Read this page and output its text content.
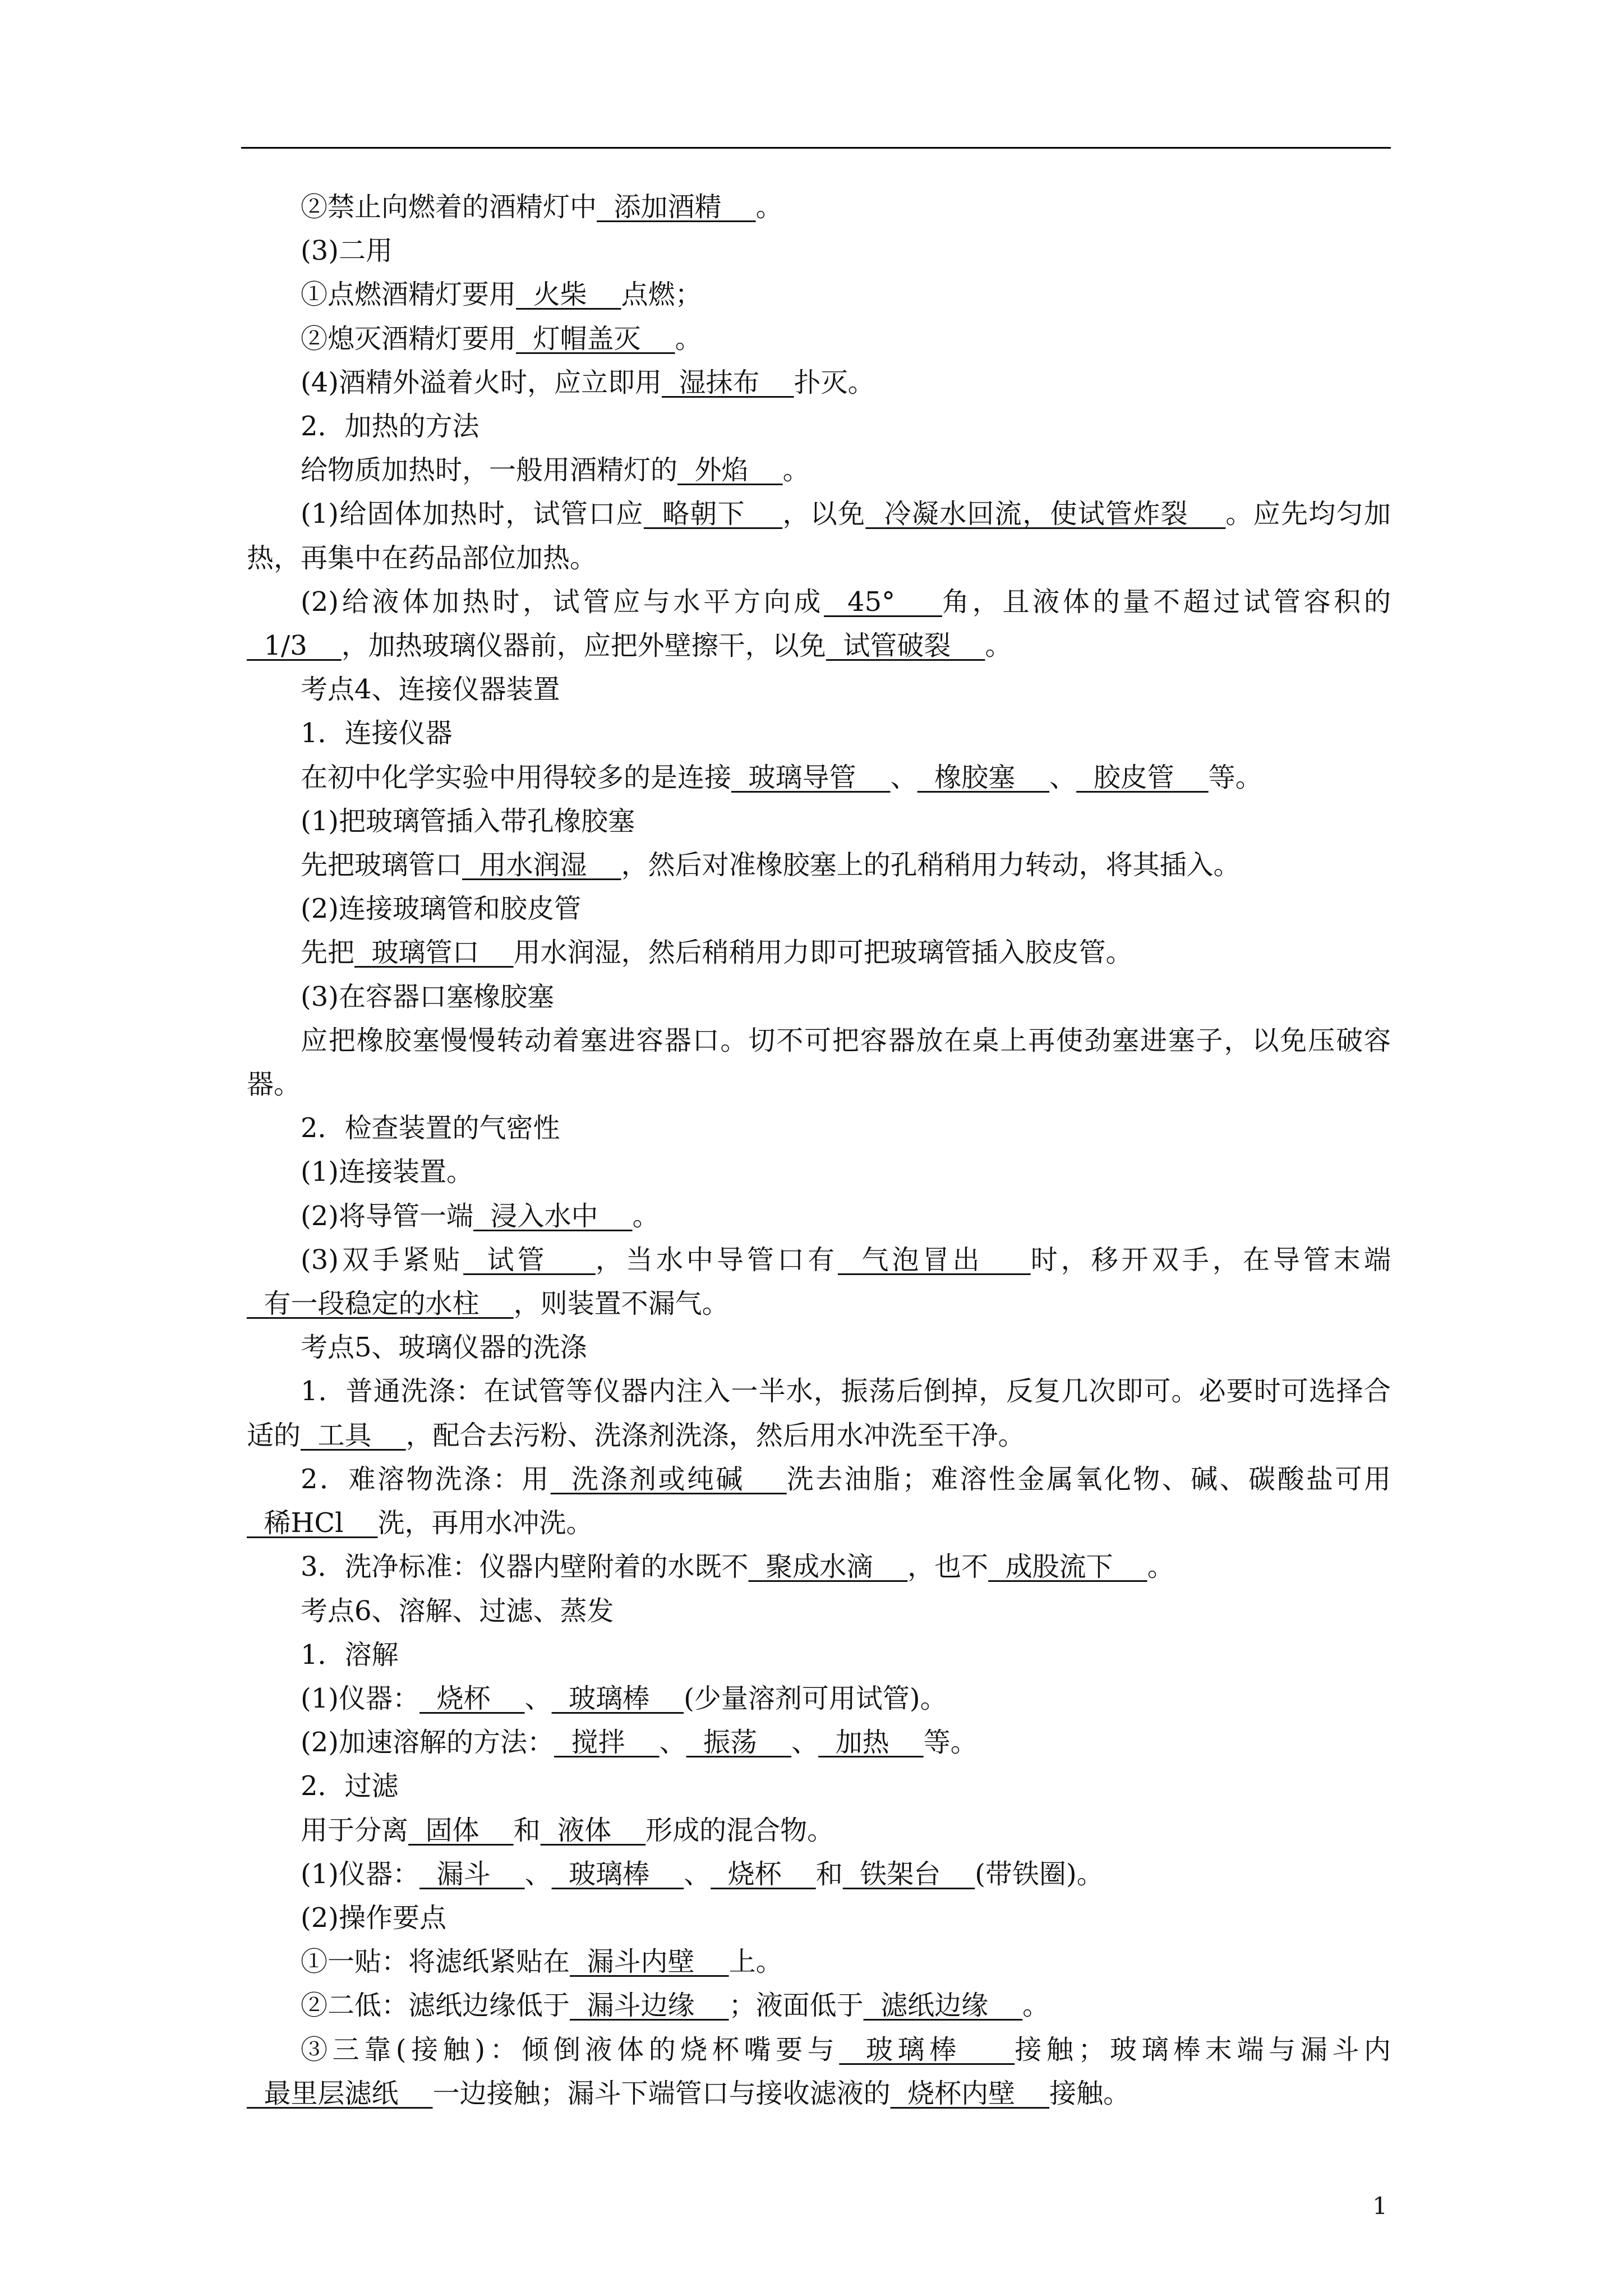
②禁止向燃着的酒精灯中  添加酒精    。

(3)二用

①点燃酒精灯要用  火柴    点燃；

②熄灭酒精灯要用  灯帽盖灭    。

(4)酒精外溢着火时，应立即用  湿抹布    扑灭。

2．加热的方法

给物质加热时，一般用酒精灯的  外焰    。

(1)给固体加热时，试管口应  略朝下    ，以免  冷凝水回流，使试管炸裂    。应先均匀加热，再集中在药品部位加热。

(2)给液体加热时，试管应与水平方向成  45°    角，且液体的量不超过试管容积的  1/3    ，加热玻璃仪器前，应把外壁擦干，以免  试管破裂    。

考点4、连接仪器装置

1．连接仪器

在初中化学实验中用得较多的是连接  玻璃导管    、  橡胶塞    、  胶皮管    等。

(1)把玻璃管插入带孔橡胶塞

先把玻璃管口  用水润湿    ，然后对准橡胶塞上的孔稍稍用力转动，将其插入。

(2)连接玻璃管和胶皮管

先把  玻璃管口    用水润湿，然后稍稍用力即可把玻璃管插入胶皮管。

(3)在容器口塞橡胶塞

应把橡胶塞慢慢转动着塞进容器口。切不可把容器放在桌上再使劲塞进塞子，以免压破容器。

2．检查装置的气密性

(1)连接装置。

(2)将导管一端  浸入水中    。

(3)双手紧贴  试管    ，当水中导管口有  气泡冒出    时，移开双手，在导管末端  有一段稳定的水柱    ，则装置不漏气。

考点5、玻璃仪器的洗涤

1．普通洗涤：在试管等仪器内注入一半水，振荡后倒掉，反复几次即可。必要时可选择合适的  工具    ，配合去污粉、洗涤剂洗涤，然后用水冲洗至干净。

2．难溶物洗涤：用  洗涤剂或纯碱    洗去油脂；难溶性金属氧化物、碱、碳酸盐可用  稀HCl    洗，再用水冲洗。

3．洗净标准：仪器内壁附着的水既不  聚成水滴    ，也不  成股流下    。

考点6、溶解、过滤、蒸发

1．溶解

(1)仪器：  烧杯    、  玻璃棒    (少量溶剂可用试管)。

(2)加速溶解的方法：  搅拌    、  振荡    、  加热    等。

2．过滤

用于分离  固体    和  液体    形成的混合物。

(1)仪器：  漏斗    、  玻璃棒    、  烧杯    和  铁架台    (带铁圈)。

(2)操作要点

①一贴：将滤纸紧贴在  漏斗内壁    上。

②二低：滤纸边缘低于  漏斗边缘    ；液面低于  滤纸边缘    。

③三靠(接触)：倾倒液体的烧杯嘴要与  玻璃棒    接触；玻璃棒末端与漏斗内  最里层滤纸    一边接触；漏斗下端管口与接收滤液的  烧杯内壁    接触。

1
